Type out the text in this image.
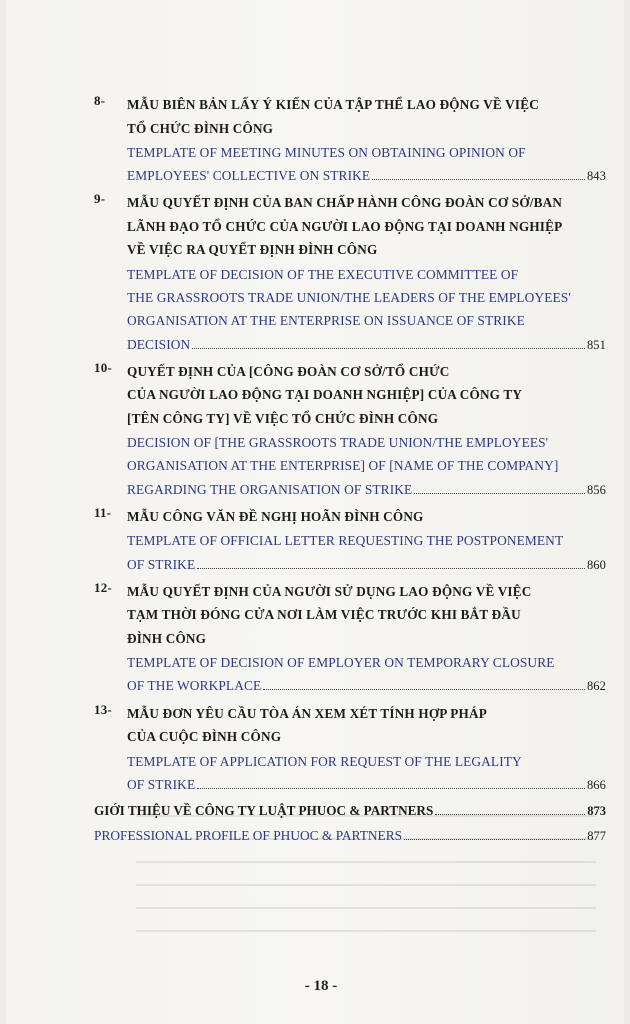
8- MẪU BIÊN BẢN LẤY Ý KIẾN CỦA TẬP THỂ LAO ĐỘNG VỀ VIỆC
TỔ CHỨC ĐÌNH CÔNG
TEMPLATE OF MEETING MINUTES ON OBTAINING OPINION OF
EMPLOYEES' COLLECTIVE ON STRIKE	843
9- MẪU QUYẾT ĐỊNH CỦA BAN CHẤP HÀNH CÔNG ĐOÀN CƠ SỞ/BAN
LÃNH ĐẠO TỔ CHỨC CỦA NGƯỜI LAO ĐỘNG TẠI DOANH NGHIỆP
VỀ VIỆC RA QUYẾT ĐỊNH ĐÌNH CÔNG
TEMPLATE OF DECISION OF THE EXECUTIVE COMMITTEE OF
THE GRASSROOTS TRADE UNION/THE LEADERS OF THE EMPLOYEES'
ORGANISATION AT THE ENTERPRISE ON ISSUANCE OF STRIKE
DECISION	851
10- QUYẾT ĐỊNH CỦA [CÔNG ĐOÀN CƠ SỞ/TỔ CHỨC
CỦA NGƯỜI LAO ĐỘNG TẠI DOANH NGHIỆP] CỦA CÔNG TY
[TÊN CÔNG TY] VỀ VIỆC TỔ CHỨC ĐÌNH CÔNG
DECISION OF [THE GRASSROOTS TRADE UNION/THE EMPLOYEES'
ORGANISATION AT THE ENTERPRISE] OF [NAME OF THE COMPANY]
REGARDING THE ORGANISATION OF STRIKE	856
11- MẪU CÔNG VĂN ĐỀ NGHỊ HOÃN ĐÌNH CÔNG
TEMPLATE OF OFFICIAL LETTER REQUESTING THE POSTPONEMENT
OF STRIKE	860
12- MẪU QUYẾT ĐỊNH CỦA NGƯỜI SỬ DỤNG LAO ĐỘNG VỀ VIỆC
TẠM THỜI ĐÓNG CỬA NƠI LÀM VIỆC TRƯỚC KHI BẮT ĐẦU
ĐÌNH CÔNG
TEMPLATE OF DECISION OF EMPLOYER ON TEMPORARY CLOSURE
OF THE WORKPLACE	862
13- MẪU ĐƠN YÊU CẦU TÒA ÁN XEM XÉT TÍNH HỢP PHÁP
CỦA CUỘC ĐÌNH CÔNG
TEMPLATE OF APPLICATION FOR REQUEST OF THE LEGALITY
OF STRIKE	866
GIỚI THIỆU VỀ CÔNG TY LUẬT PHUOC & PARTNERS	873
PROFESSIONAL PROFILE OF PHUOC & PARTNERS	877
- 18 -
